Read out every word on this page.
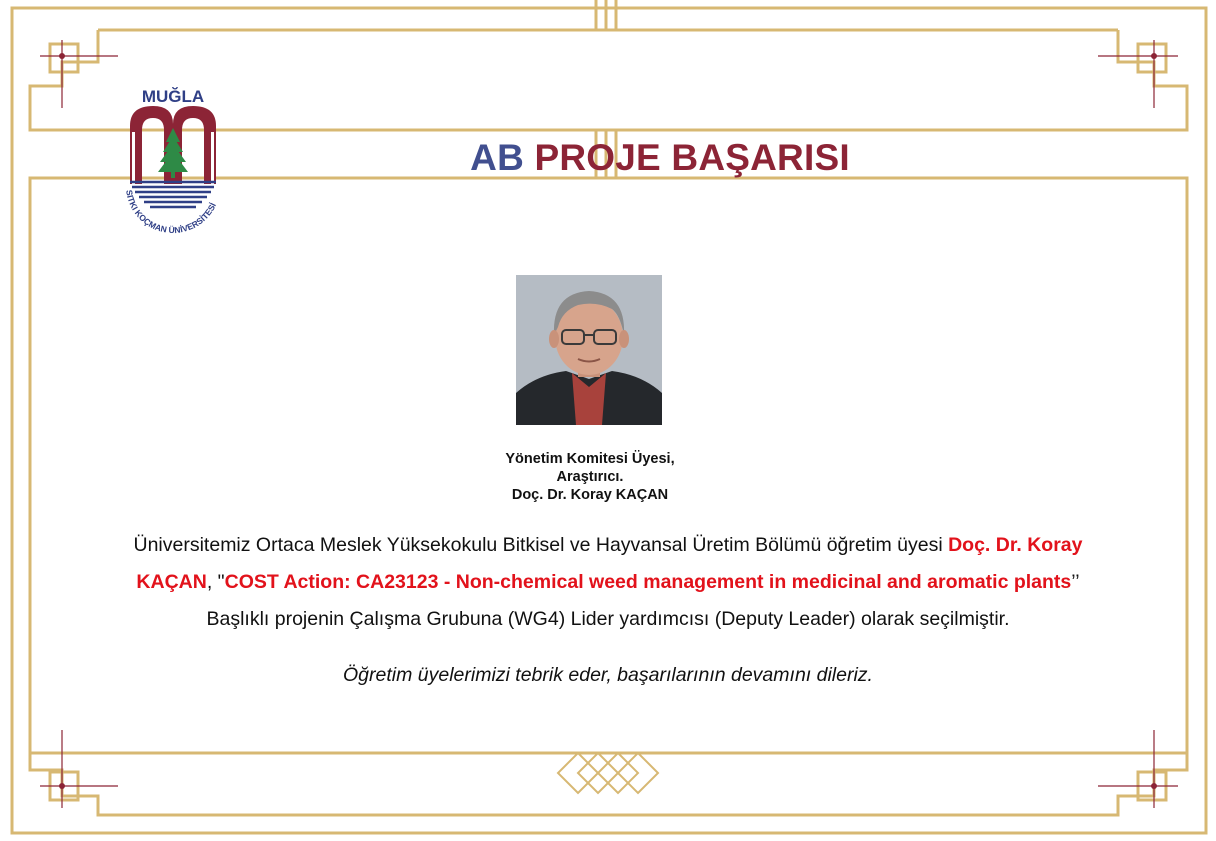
MUĞLA
SITKI KOÇMAN ÜNİVERSİTESİ
AB PROJE BAŞARISI
Yönetim Komitesi Üyesi,
Araştırıcı.
Doç. Dr. Koray KAÇAN
Üniversitemiz Ortaca Meslek Yüksekokulu Bitkisel ve Hayvansal Üretim Bölümü öğretim üyesi Doç. Dr. Koray
KAÇAN, "COST Action: CA23123 - Non-chemical weed management in medicinal and aromatic plants’’
Başlıklı projenin Çalışma Grubuna (WG4) Lider yardımcısı (Deputy Leader) olarak seçilmiştir.
Öğretim üyelerimizi tebrik eder, başarılarının devamını dileriz.
